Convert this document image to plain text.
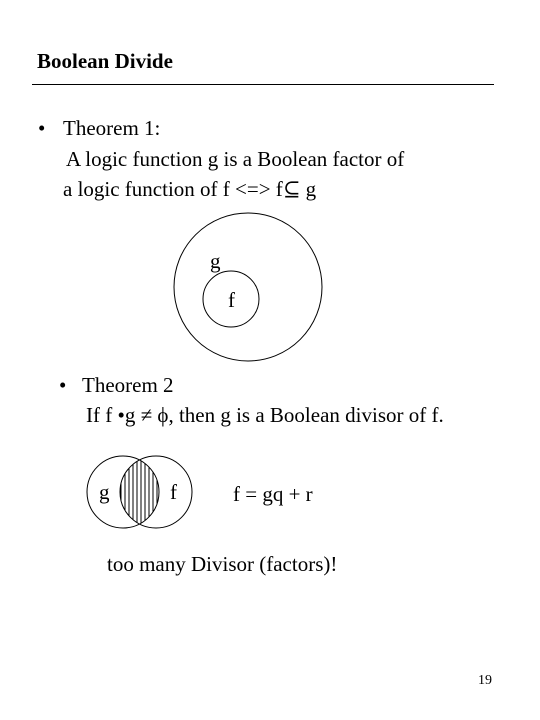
Boolean Divide
• Theorem 1:
A logic function g is a Boolean factor of
a logic function of f <=> f⊆ g
g
f
g	f
• Theorem 2
If f •g ≠ ϕ, then g is a Boolean divisor of f.
f = gq + r
too many Divisor (factors)!
19
